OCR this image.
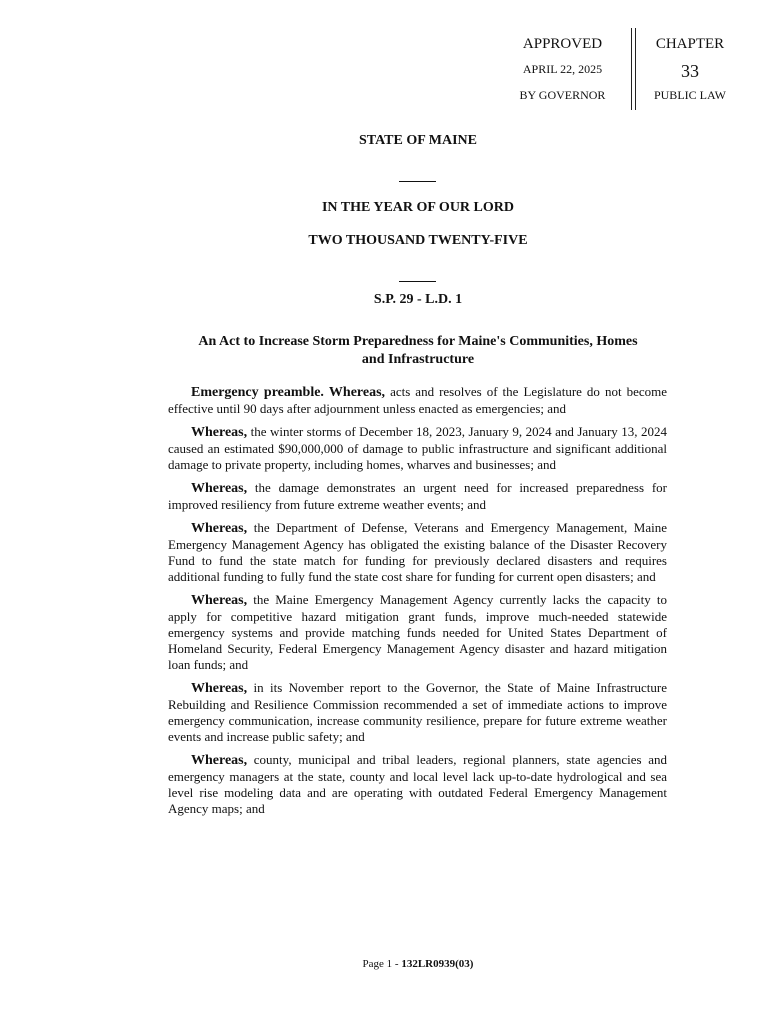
APPROVED
APRIL 22, 2025
BY GOVERNOR
CHAPTER
33
PUBLIC LAW
STATE OF MAINE
IN THE YEAR OF OUR LORD
TWO THOUSAND TWENTY-FIVE
S.P. 29 - L.D. 1
An Act to Increase Storm Preparedness for Maine's Communities, Homes
and Infrastructure

Emergency preamble. Whereas, acts and resolves of the Legislature do not become effective until 90 days after adjournment unless enacted as emergencies; and

Whereas, the winter storms of December 18, 2023, January 9, 2024 and January 13, 2024 caused an estimated $90,000,000 of damage to public infrastructure and significant additional damage to private property, including homes, wharves and businesses; and

Whereas, the damage demonstrates an urgent need for increased preparedness for improved resiliency from future extreme weather events; and

Whereas, the Department of Defense, Veterans and Emergency Management, Maine Emergency Management Agency has obligated the existing balance of the Disaster Recovery Fund to fund the state match for funding for previously declared disasters and requires additional funding to fully fund the state cost share for funding for current open disasters; and

Whereas, the Maine Emergency Management Agency currently lacks the capacity to apply for competitive hazard mitigation grant funds, improve much-needed statewide emergency systems and provide matching funds needed for United States Department of Homeland Security, Federal Emergency Management Agency disaster and hazard mitigation loan funds; and

Whereas, in its November report to the Governor, the State of Maine Infrastructure Rebuilding and Resilience Commission recommended a set of immediate actions to improve emergency communication, increase community resilience, prepare for future extreme weather events and increase public safety; and

Whereas, county, municipal and tribal leaders, regional planners, state agencies and emergency managers at the state, county and local level lack up-to-date hydrological and sea level rise modeling data and are operating with outdated Federal Emergency Management Agency maps; and

Page 1 - 132LR0939(03)
